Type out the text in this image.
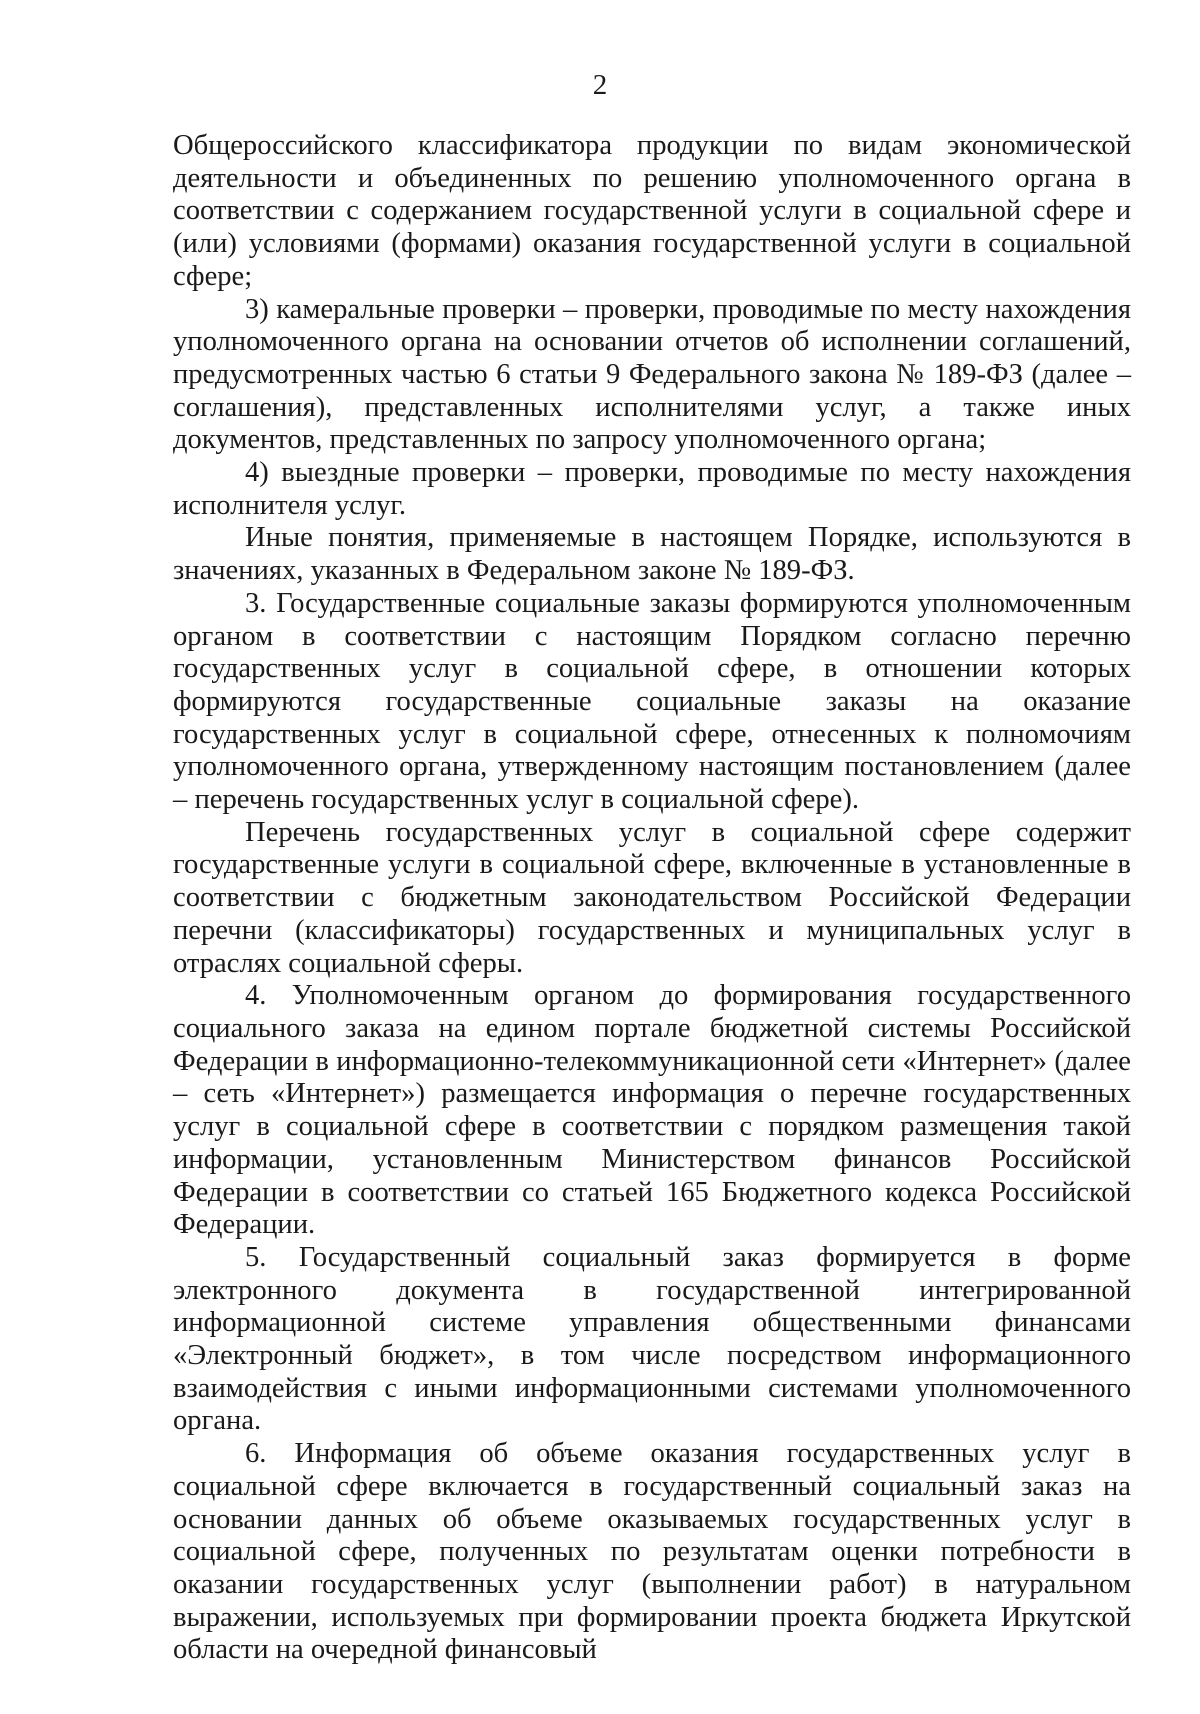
2

Общероссийского классификатора продукции по видам экономической деятельности и объединенных по решению уполномоченного органа в соответствии с содержанием государственной услуги в социальной сфере и (или) условиями (формами) оказания государственной услуги в социальной сфере;

3) камеральные проверки – проверки, проводимые по месту нахождения уполномоченного органа на основании отчетов об исполнении соглашений, предусмотренных частью 6 статьи 9 Федерального закона № 189-ФЗ (далее – соглашения), представленных исполнителями услуг, а также иных документов, представленных по запросу уполномоченного органа;

4) выездные проверки – проверки, проводимые по месту нахождения исполнителя услуг.

Иные понятия, применяемые в настоящем Порядке, используются в значениях, указанных в Федеральном законе № 189-ФЗ.

3. Государственные социальные заказы формируются уполномоченным органом в соответствии с настоящим Порядком согласно перечню государственных услуг в социальной сфере, в отношении которых формируются государственные социальные заказы на оказание государственных услуг в социальной сфере, отнесенных к полномочиям уполномоченного органа, утвержденному настоящим постановлением (далее – перечень государственных услуг в социальной сфере).

Перечень государственных услуг в социальной сфере содержит государственные услуги в социальной сфере, включенные в установленные в соответствии с бюджетным законодательством Российской Федерации перечни (классификаторы) государственных и муниципальных услуг в отраслях социальной сферы.

4. Уполномоченным органом до формирования государственного социального заказа на едином портале бюджетной системы Российской Федерации в информационно-телекоммуникационной сети «Интернет» (далее – сеть «Интернет») размещается информация о перечне государственных услуг в социальной сфере в соответствии с порядком размещения такой информации, установленным Министерством финансов Российской Федерации в соответствии со статьей 165 Бюджетного кодекса Российской Федерации.

5. Государственный социальный заказ формируется в форме электронного документа в государственной интегрированной информационной системе управления общественными финансами «Электронный бюджет», в том числе посредством информационного взаимодействия с иными информационными системами уполномоченного органа.

6. Информация об объеме оказания государственных услуг в социальной сфере включается в государственный социальный заказ на основании данных об объеме оказываемых государственных услуг в социальной сфере, полученных по результатам оценки потребности в оказании государственных услуг (выполнении работ) в натуральном выражении, используемых при формировании проекта бюджета Иркутской области на очередной финансовый
